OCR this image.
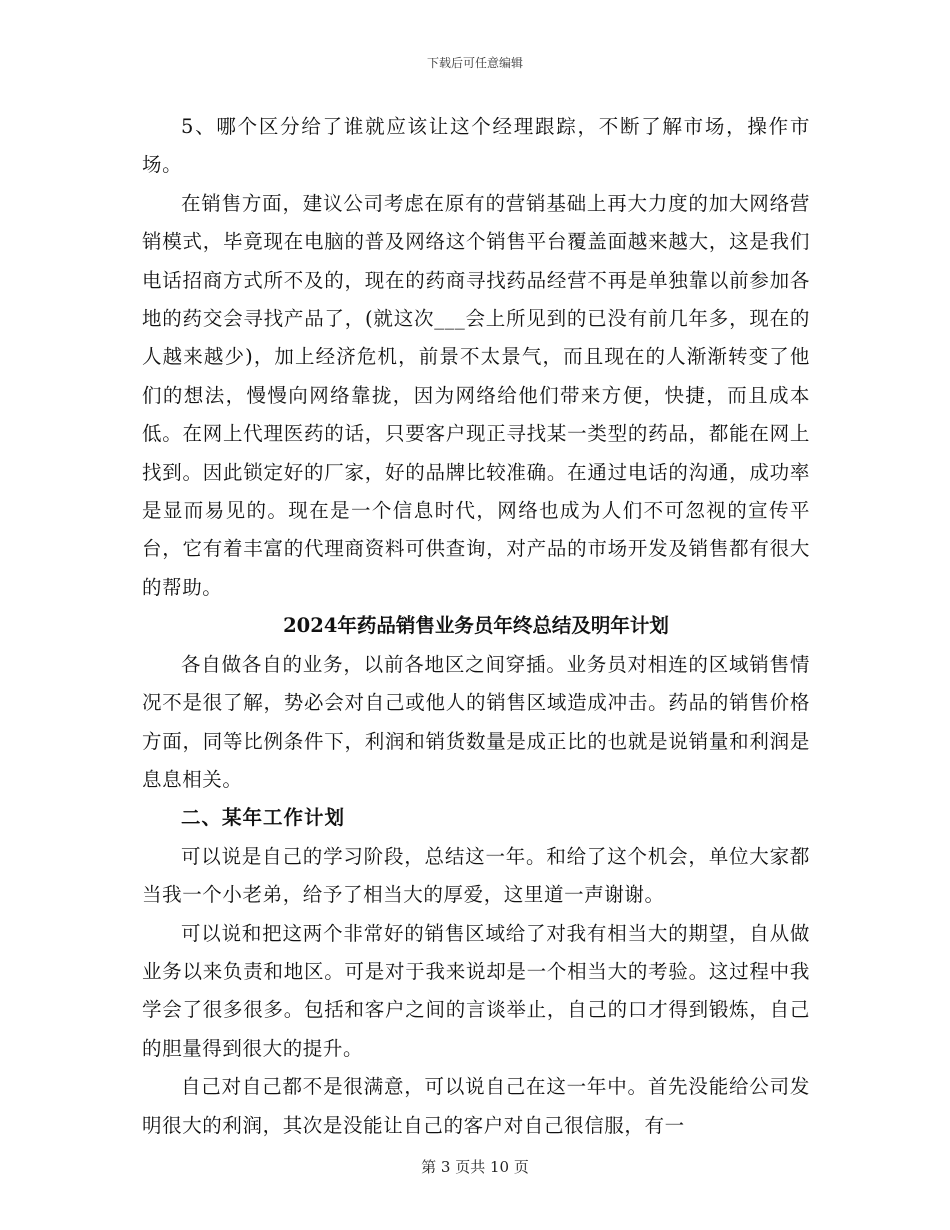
下载后可任意编辑

5、哪个区分给了谁就应该让这个经理跟踪，不断了解市场，操作市场。

在销售方面，建议公司考虑在原有的营销基础上再大力度的加大网络营销模式，毕竟现在电脑的普及网络这个销售平台覆盖面越来越大，这是我们电话招商方式所不及的，现在的药商寻找药品经营不再是单独靠以前参加各地的药交会寻找产品了，(就这次___会上所见到的已没有前几年多，现在的人越来越少)，加上经济危机，前景不太景气，而且现在的人渐渐转变了他们的想法，慢慢向网络靠拢，因为网络给他们带来方便，快捷，而且成本低。在网上代理医药的话，只要客户现正寻找某一类型的药品，都能在网上找到。因此锁定好的厂家，好的品牌比较准确。在通过电话的沟通，成功率是显而易见的。现在是一个信息时代，网络也成为人们不可忽视的宣传平台，它有着丰富的代理商资料可供查询，对产品的市场开发及销售都有很大的帮助。

2024年药品销售业务员年终总结及明年计划

各自做各自的业务，以前各地区之间穿插。业务员对相连的区域销售情况不是很了解，势必会对自己或他人的销售区域造成冲击。药品的销售价格方面，同等比例条件下，利润和销货数量是成正比的也就是说销量和利润是息息相关。

二、某年工作计划

可以说是自己的学习阶段，总结这一年。和给了这个机会，单位大家都当我一个小老弟，给予了相当大的厚爱，这里道一声谢谢。

可以说和把这两个非常好的销售区域给了对我有相当大的期望，自从做业务以来负责和地区。可是对于我来说却是一个相当大的考验。这过程中我学会了很多很多。包括和客户之间的言谈举止，自己的口才得到锻炼，自己的胆量得到很大的提升。

自己对自己都不是很满意，可以说自己在这一年中。首先没能给公司发明很大的利润，其次是没能让自己的客户对自己很信服，有一

第 3 页共 10 页
